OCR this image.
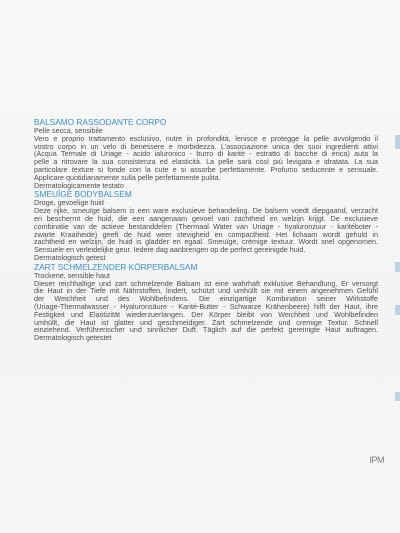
BALSAMO RASSODANTE CORPO

Pelle secca, sensibile

Vero e proprio trattamento esclusivo, nutre in profondità, lenisce e protegge la pelle avvolgendo il

vostro corpo in un velo di benessere e morbidezza. L'associazione unica dei suoi ingredienti attivi

(Acqua Termale di Uriage - acido ialuronico - burro di karitè - estratto di bacche di erica) auta la

pelle a ritrovare la sua consistenza ed elasticità. La pelle sarà così più levigata e idratata. La sua

particolare texture si fonde con la cute e si assorbe perfettamente. Profumo seducente e sensuale.

Applicare quotidianamente sulla pelle perfettamente pulita.

Dermatologicamente testato

SMEUÏGE BODYBALSEM

Droge, gevoelige huid

Deze rijke, smeuïge balsem is een ware exclusieve behandeling. De balsem voedt diepgaand, verzacht

en beschermt de huid, die een aangenaam gevoel van zachtheid en welzijn krijgt. De exclusieve

combinatie van de actieve bestanddelen (Thermaal Water van Uriage - hyaluronzuur - karitéboter -

zwarte Kraaiheide) geeft de huid weer stevigheid en compactheid. Het lichaam wordt gehuld in

zachtheid en welzijn, de huid is gladder en egaal. Smeuïge, crèmige textuur. Wordt snel opgenomen.

Sensuele en verleidelijke geur. Iedere dag aanbrengen op de perfect gereinigde huid.

Dermatologisch getest

ZART SCHMELZENDER KÖRPERBALSAM

Trockene, sensible haut

Dieser reichhaltige und zart schmelzende Balsam ist eine wahrhaft exklusive Behandlung. Er versorgt

die Haut in der Tiefe mit Nährstoffen, lindert, schützt und umhüllt sie mit einem angenehmen Gefühl

der Weichheit und des Wohlbefindens. Die einzigartige Kombination seiner Wirkstoffe

(Uriage-Thermalwasser - Hyaluronsäure - Karité-Butter - Schwarze Krähenbeere) hilft der Haut, ihre

Festigkeit und Elastizität wiederzuerlangen. Der Körper bleibt von Weichheit und Wohlbefinden

umhüllt, die Haut ist glatter und geschmeidiger. Zart schmelzende und cremige Textur. Schnell

einziehend. Verführerischer und sinnlicher Duft. Täglich auf die perfekt gereinigte Haut auftragen.

Dermatologisch getestet

IPM
